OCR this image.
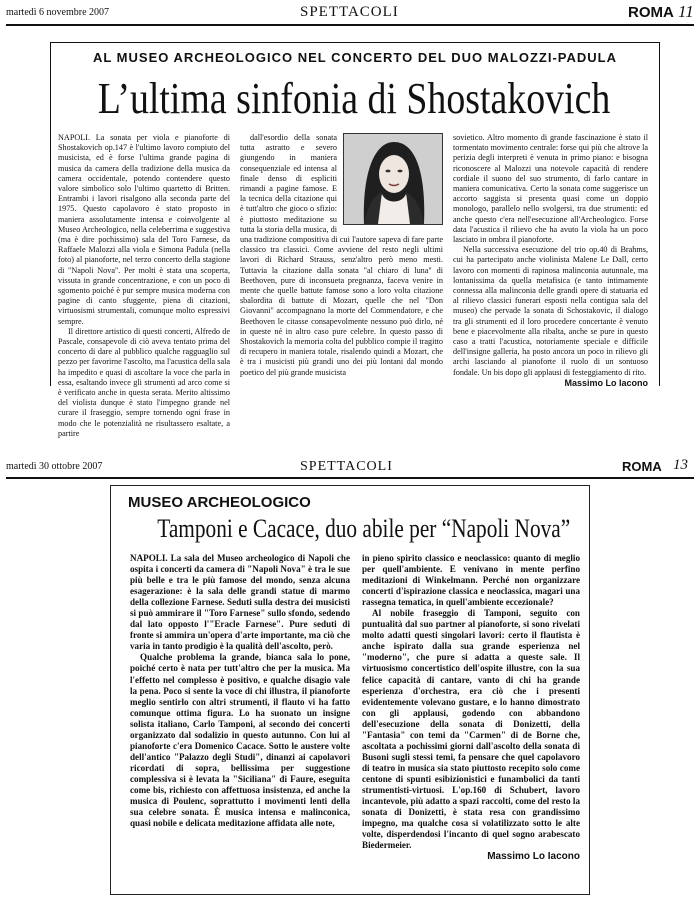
martedì 6 novembre 2007	SPETTACOLI	ROMA 11
AL MUSEO ARCHEOLOGICO NEL CONCERTO DEL DUO MALOZZI-PADULA
L’ultima sinfonia di Shostakovich

NAPOLI. La sonata per viola e pianoforte di Shostakovich op.147 è l'ultimo lavoro compiuto del musicista, ed è forse l'ultima grande pagina di musica da camera della tradizione della musica da camera occidentale, potendo contendere questo valore simbolico solo l'ultimo quartetto di Britten. Entrambi i lavori risalgono alla seconda parte del 1975. Questo capolavoro è stato proposto in maniera assolutamente intensa e coinvolgente al Museo Archeologico, nella celeberrima e suggestiva (ma è dire pochissimo) sala del Toro Farnese, da Raffaele Malozzi alla viola e Simona Padula (nella foto) al pianoforte, nel terzo concerto della stagione di "Napoli Nova". Per molti è stata una scoperta, vissuta in grande concentrazione, e con un poco di sgomento poiché è pur sempre musica moderna con pagine di canto sfuggente, piena di citazioni, virtuosismi strumentali, comunque molto espressivi sempre.

Il direttore artistico di questi concerti, Alfredo de Pascale, consapevole di ciò aveva tentato prima del concerto di dare al pubblico qualche ragguaglio sul pezzo per favorirne l'ascolto, ma l'acustica della sala ha impedito e quasi di ascoltare la voce che parla in essa, esaltando invece gli strumenti ad arco come si è verificato anche in questa serata. Merito altissimo del violista dunque è stato l'impegno grande nel curare il fraseggio, sempre tornendo ogni frase in modo che le potenzialità ne risultassero esaltate, a partire

dall'esordio della sonata tutta astratto e severo giungendo in maniera consequenziale ed intensa al finale denso di espliciti rimandi a pagine famose. E la tecnica della citazione qui è tutt'altro che gioco o sfizio: è piuttosto meditazione su tutta la storia della musica, di una tradizione compositiva di cui l'autore sapeva di fare parte classico tra classici. Come avviene del resto negli ultimi lavori di Richard Strauss, senz'altro però meno mesti. Tuttavia la citazione dalla sonata "al chiaro di luna" di Beethoven, pure di inconsueta pregnanza, faceva venire in mente che quelle battute famose sono a loro volta citazione sbalordita di battute di Mozart, quelle che nel "Don Giovanni" accompagnano la morte del Commendatore, e che Beethoven le citasse consapevolmente nessuno può dirlo, né in queste né in altro caso pure celebre. In questo passo di Shostakovich la memoria colta del pubblico compie il tragitto di recupero in maniera totale, risalendo quindi a Mozart, che è tra i musicisti più grandi uno dei più lontani dal mondo poetico del più grande musicista

sovietico. Altro momento di grande fascinazione è stato il tormentato movimento centrale: forse qui più che altrove la perizia degli interpreti è venuta in primo piano: e bisogna riconoscere al Malozzi una notevole capacità di rendere cordiale il suono del suo strumento, di farlo cantare in maniera comunicativa. Certo la sonata come suggerisce un accorto saggista si presenta quasi come un doppio monologo, parallelo nello svolgersi, tra due strumenti: ed anche questo c'era nell'esecuzione all'Archeologico. Forse data l'acustica il rilievo che ha avuto la viola ha un poco lasciato in ombra il pianoforte.

Nella successiva esecuzione del trio op.40 di Brahms, cui ha partecipato anche violinista Malene Le Dall, certo lavoro con momenti di rapinosa malinconia autunnale, ma lontanissima da quella metafisica (e tanto intimamente connessa alla malinconia delle grandi opere di statuaria ed al rilievo classici funerari esposti nella contigua sala del museo) che pervade la sonata di Schostakovic, il dialogo tra gli strumenti ed il loro procedere concertante è venuto bene e piacevolmente alla ribalta, anche se pure in questo caso a tratti l'acustica, notoriamente speciale e difficile dell'insigne galleria, ha posto ancora un poco in rilievo gli archi lasciando al pianoforte il ruolo di un sontuoso fondale. Un bis dopo gli applausi di festeggiamento di rito.

Massimo Lo Iacono

martedì 30 ottobre 2007	SPETTACOLI	ROMA 13
MUSEO ARCHEOLOGICO
Tamponi e Cacace, duo abile per “Napoli Nova”

NAPOLI. La sala del Museo archeologico di Napoli che ospita i concerti da camera di "Napoli Nova" è tra le sue più belle e tra le più famose del mondo, senza alcuna esagerazione: è la sala delle grandi statue di marmo della collezione Farnese. Seduti sulla destra dei musicisti si può ammirare il "Toro Farnese" sullo sfondo, sedendo dal lato opposto l'"Eracle Farnese". Pure seduti di fronte si ammira un'opera d'arte importante, ma ciò che varia in tanto prodigio è la qualità dell'ascolto, però.

Qualche problema la grande, bianca sala lo pone, poiché certo è nata per tutt'altro che per la musica. Ma l'effetto nel complesso è positivo, e qualche disagio vale la pena. Poco si sente la voce di chi illustra, il pianoforte meglio sentirlo con altri strumenti, il flauto vi ha fatto comunque ottima figura. Lo ha suonato un insigne solista italiano, Carlo Tamponi, al secondo dei concerti organizzato dal sodalizio in questo autunno. Con lui al pianoforte c'era Domenico Cacace. Sotto le austere volte dell'antico "Palazzo degli Studi", dinanzi ai capolavori ricordati di sopra, bellissima per suggestione complessiva si è levata la "Siciliana" di Faure, eseguita come bis, richiesto con affettuosa insistenza, ed anche la musica di Poulenc, soprattutto i movimenti lenti della sua celebre sonata. È musica intensa e malinconica, quasi nobile e delicata meditazione affidata alle note,

in pieno spirito classico e neoclassico: quanto di meglio per quell'ambiente. E venivano in mente perfino meditazioni di Winkelmann. Perché non organizzare concerti d'ispirazione classica e neoclassica, magari una rassegna tematica, in quell'ambiente eccezionale?

Al nobile fraseggio di Tamponi, seguito con puntualità dal suo partner al pianoforte, si sono rivelati molto adatti questi singolari lavori: certo il flautista è anche ispirato dalla sua grande esperienza nel "moderno", che pure si adatta a queste sale. Il virtuosismo concertistico dell'ospite illustre, con la sua felice capacità di cantare, vanto di chi ha grande esperienza d'orchestra, era ciò che i presenti evidentemente volevano gustare, e lo hanno dimostrato con gli applausi, godendo con abbandono dell'esecuzione della sonata di Donizetti, della "Fantasia" con temi da "Carmen" di de Borne che, ascoltata a pochissimi giorni dall'ascolto della sonata di Busoni sugli stessi temi, fa pensare che quel capolavoro di teatro in musica sia stato piuttosto recepito solo come centone di spunti esibizionistici e funambolici da tanti strumentisti-virtuosi. L'op.160 di Schubert, lavoro incantevole, più adatto a spazi raccolti, come del resto la sonata di Donizetti, è stata resa con grandissimo impegno, ma qualche cosa si volatilizzato sotto le alte volte, disperdendosi l'incanto di quel sogno arabescato Biedermeier.

Massimo Lo Iacono
